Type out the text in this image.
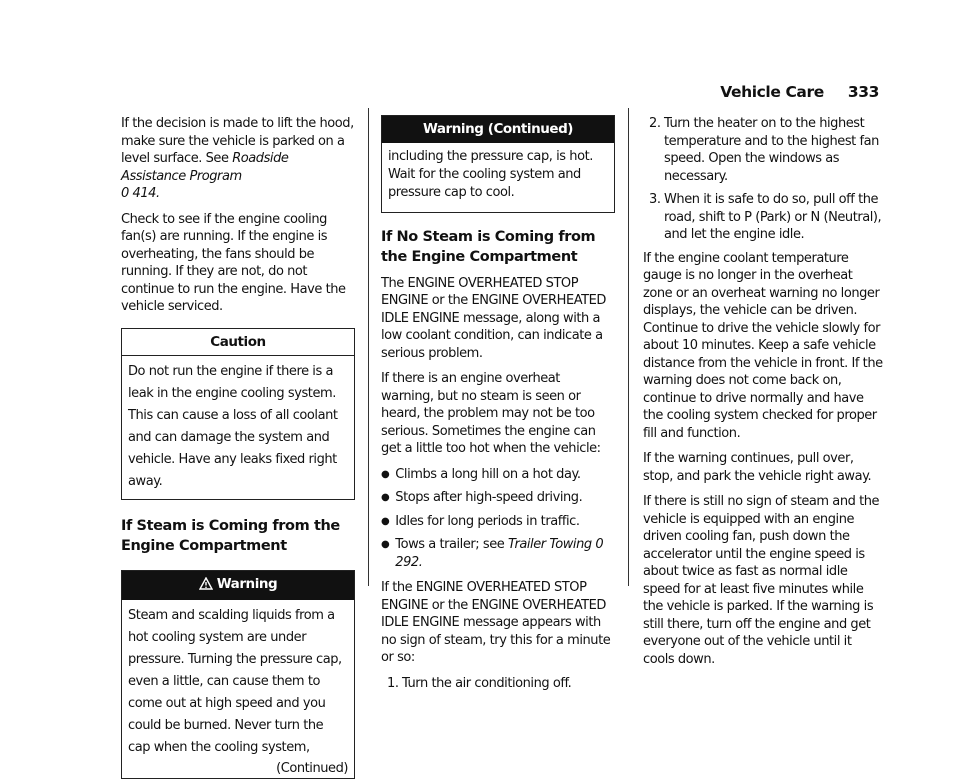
Vehicle Care 333

If the decision is made to lift the hood, make sure the vehicle is parked on a level surface. See Roadside Assistance Program
0 414.

Check to see if the engine cooling fan(s) are running. If the engine is overheating, the fans should be running. If they are not, do not continue to run the engine. Have the vehicle serviced.

Caution
Do not run the engine if there is a leak in the engine cooling system. This can cause a loss of all coolant and can damage the system and vehicle. Have any leaks fixed right away.
If Steam is Coming from the Engine Compartment
Warning
Steam and scalding liquids from a hot cooling system are under pressure. Turning the pressure cap, even a little, can cause them to come out at high speed and you could be burned. Never turn the cap when the cooling system,
(Continued)
Warning (Continued)
including the pressure cap, is hot. Wait for the cooling system and pressure cap to cool.
If No Steam is Coming from the Engine Compartment

The ENGINE OVERHEATED STOP ENGINE or the ENGINE OVERHEATED IDLE ENGINE message, along with a low coolant condition, can indicate a serious problem.

If there is an engine overheat warning, but no steam is seen or heard, the problem may not be too serious. Sometimes the engine can get a little too hot when the vehicle:

● Climbs a long hill on a hot day.
● Stops after high-speed driving.
● Idles for long periods in traffic.
● Tows a trailer; see Trailer Towing 0 292.

If the ENGINE OVERHEATED STOP ENGINE or the ENGINE OVERHEATED IDLE ENGINE message appears with no sign of steam, try this for a minute or so:

1. Turn the air conditioning off.
2. Turn the heater on to the highest temperature and to the highest fan speed. Open the windows as necessary.
3. When it is safe to do so, pull off the road, shift to P (Park) or N (Neutral), and let the engine idle.

If the engine coolant temperature gauge is no longer in the overheat zone or an overheat warning no longer displays, the vehicle can be driven. Continue to drive the vehicle slowly for about 10 minutes. Keep a safe vehicle distance from the vehicle in front. If the warning does not come back on, continue to drive normally and have the cooling system checked for proper fill and function.

If the warning continues, pull over, stop, and park the vehicle right away.

If there is still no sign of steam and the vehicle is equipped with an engine driven cooling fan, push down the accelerator until the engine speed is about twice as fast as normal idle speed for at least five minutes while the vehicle is parked. If the warning is still there, turn off the engine and get everyone out of the vehicle until it cools down.
